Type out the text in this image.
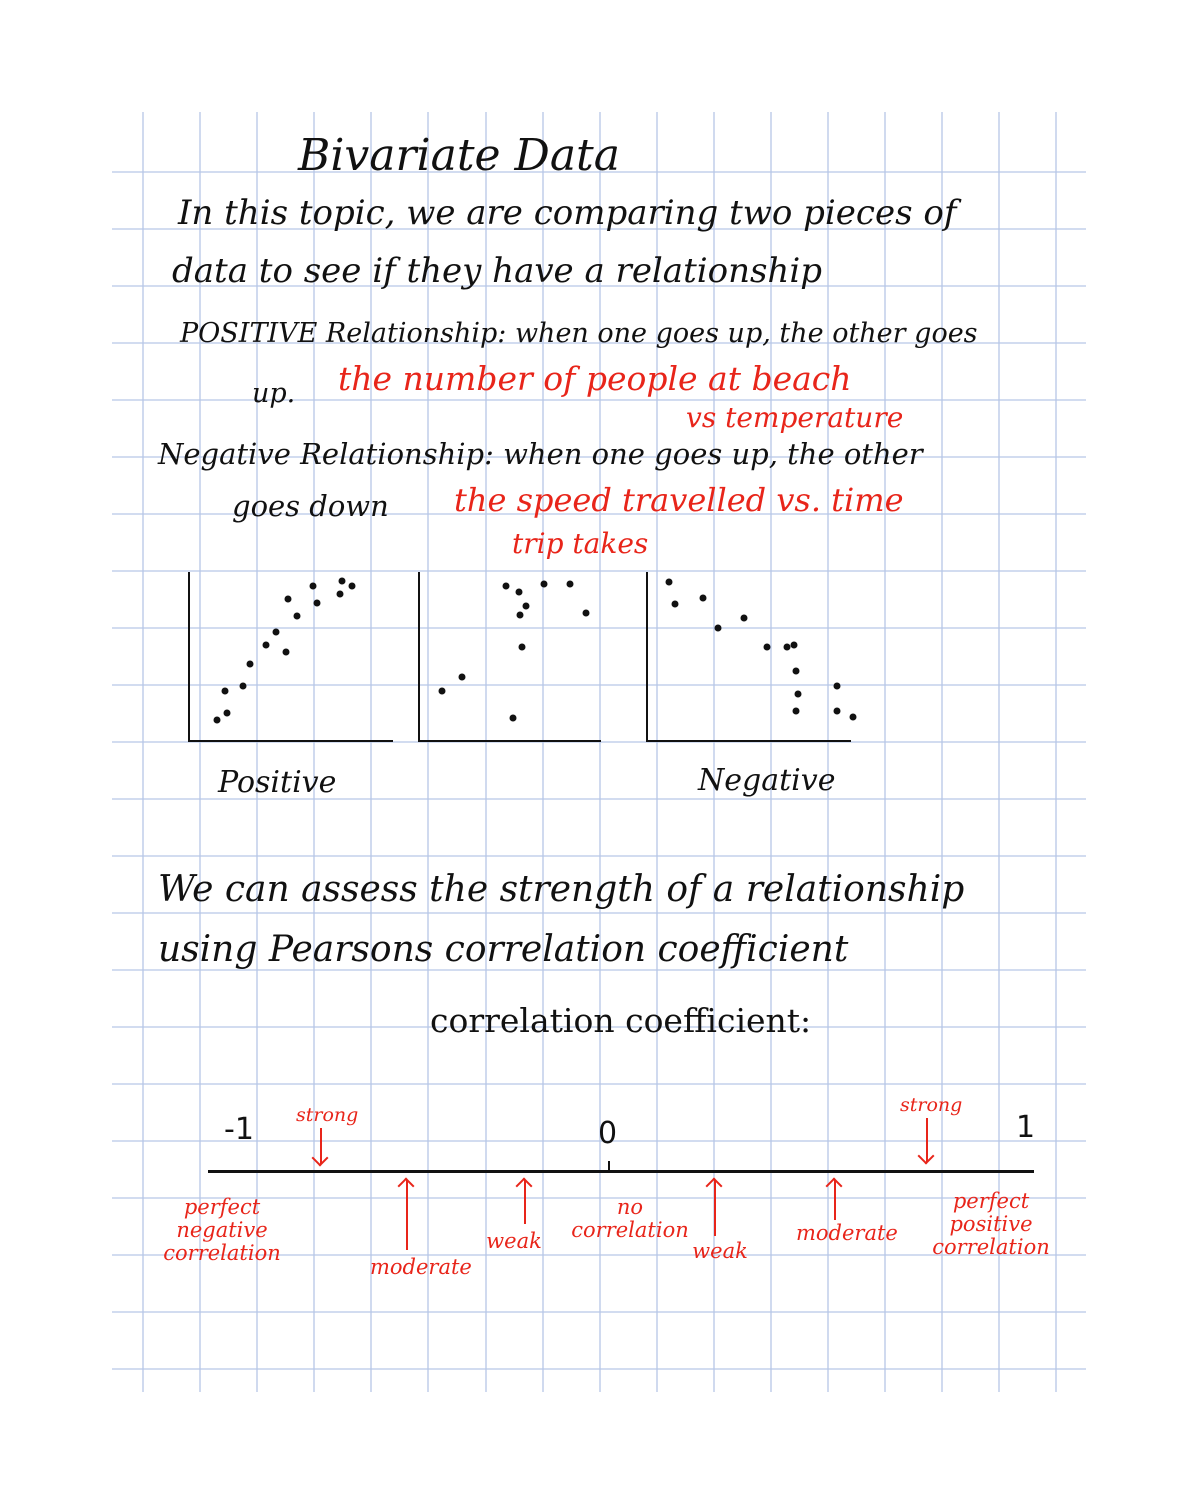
Bivariate Data
In this topic, we are comparing two pieces of
data to see if they have a relationship
POSITIVE Relationship: when one goes up, the other goes
up. the number of people at beach
vs temperature
Negative Relationship: when one goes up, the other
goes down the speed travelled vs. time
trip takes
Positive	Negative
We can assess the strength of a relationship
using Pearsons correlation coefficient
correlation coefficient:
-1	0	1
strong	strong
perfect
negative
correlation
moderate
weak
no
correlation
weak
moderate
perfect
positive
correlation
